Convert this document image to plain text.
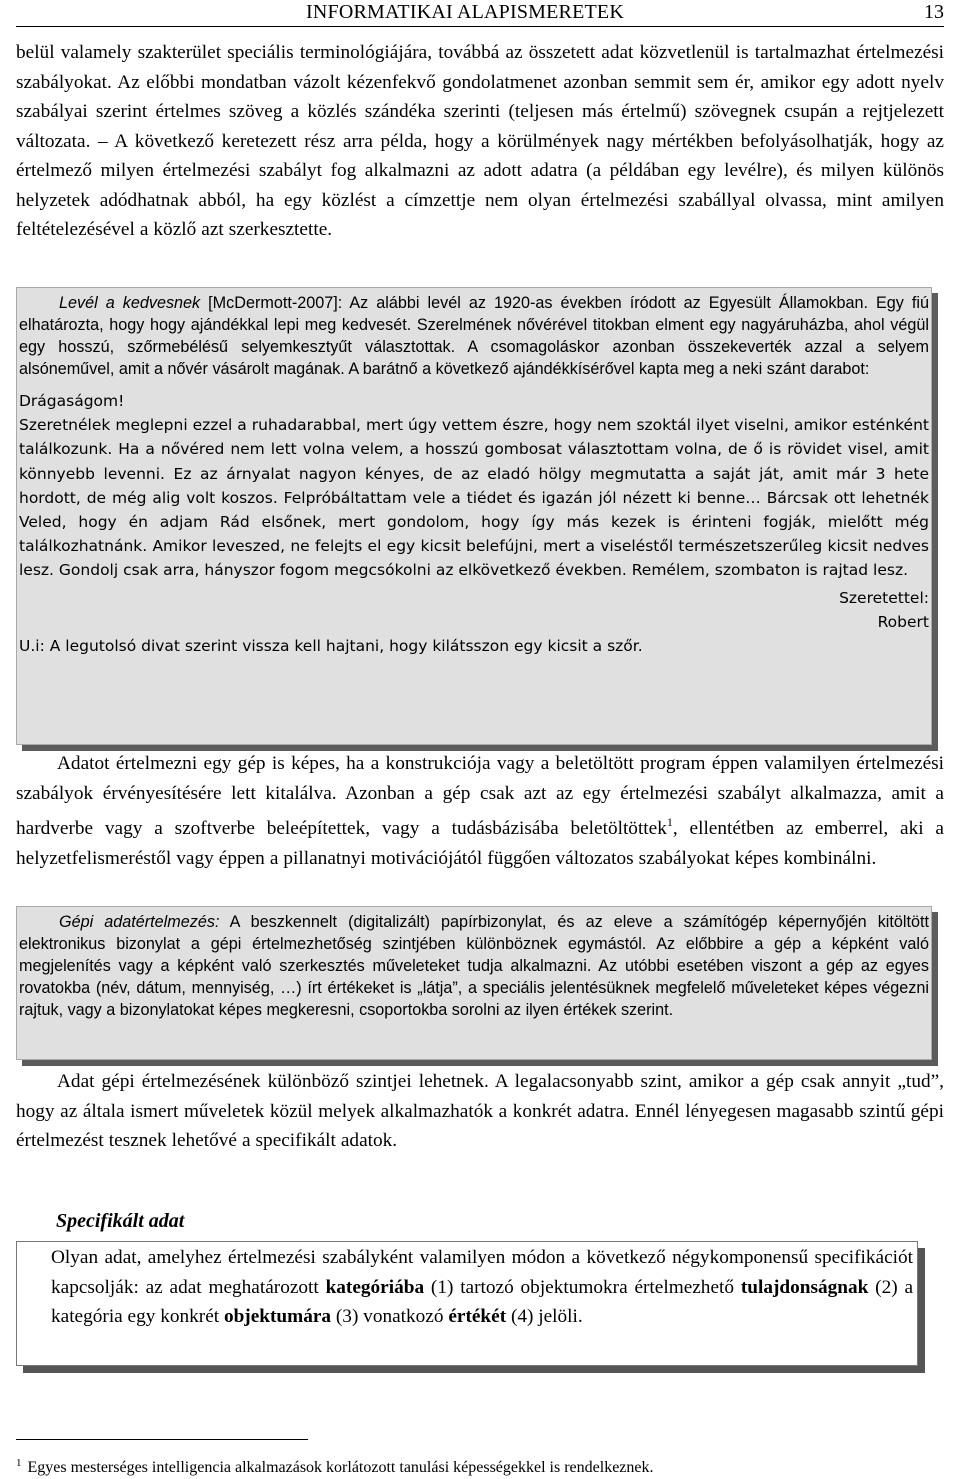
INFORMATIKAI ALAPISMERETEK	13
belül valamely szakterület speciális terminológiájára, továbbá az összetett adat közvetlenül is tartalmazhat értelmezési szabályokat. Az előbbi mondatban vázolt kézenfekvő gondolatmenet azonban semmit sem ér, amikor egy adott nyelv szabályai szerint értelmes szöveg a közlés szándéka szerinti (teljesen más értelmű) szövegnek csupán a rejtjelezett változata. – A következő keretezett rész arra példa, hogy a körülmények nagy mértékben befolyásolhatják, hogy az értelmező milyen értelmezési szabályt fog alkalmazni az adott adatra (a példában egy levélre), és milyen különös helyzetek adódhatnak abból, ha egy közlést a címzettje nem olyan értelmezési szabállyal olvassa, mint amilyen feltételezésével a közlő azt szerkesztette.

Levél a kedvesnek [McDermott-2007]: Az alábbi levél az 1920-as években íródott az Egyesült Államokban. Egy fiú elhatározta, hogy hogy ajándékkal lepi meg kedvesét. Szerelmének nővérével titokban elment egy nagyáruházba, ahol végül egy hosszú, szőrmebélésű selyemkesztyűt választottak. A csomagoláskor azonban összekeverték azzal a selyem alsóneművel, amit a nővér vásárolt magának. A barátnő a következő ajándékkísérővel kapta meg a neki szánt darabot:

Drágaságom!

Szeretnélek meglepni ezzel a ruhadarabbal, mert úgy vettem észre, hogy nem szoktál ilyet viselni, amikor esténként találkozunk. Ha a nővéred nem lett volna velem, a hosszú gombosat választottam volna, de ő is rövidet visel, amit könnyebb levenni. Ez az árnyalat nagyon kényes, de az eladó hölgy megmutatta a saját ját, amit már 3 hete hordott, de még alig volt koszos. Felpróbáltattam vele a tiédet és igazán jól nézett ki benne… Bárcsak ott lehetnék Veled, hogy én adjam Rád elsőnek, mert gondolom, hogy így más kezek is érinteni fogják, mielőtt még találkozhatnánk. Amikor leveszed, ne felejts el egy kicsit belefújni, mert a viseléstől természetszerűleg kicsit nedves lesz. Gondolj csak arra, hányszor fogom megcsókolni az elkövetkező években. Remélem, szombaton is rajtad lesz.

Szeretettel:

Robert

U.i: A legutolsó divat szerint vissza kell hajtani, hogy kilátsszon egy kicsit a szőr.

Adatot értelmezni egy gép is képes, ha a konstrukciója vagy a beletöltött program éppen valamilyen értelmezési szabályok érvényesítésére lett kitalálva. Azonban a gép csak azt az egy értelmezési szabályt alkalmazza, amit a hardverbe vagy a szoftverbe beleépítettek, vagy a tudásbázisába beletöltöttek$^1$, ellentétben az emberrel, aki a helyzetfelismeréstől vagy éppen a pillanatnyi motivációjától függően változatos szabályokat képes kombinálni.

Gépi adatértelmezés: A beszkennelt (digitalizált) papírbizonylat, és az eleve a számítógép képernyőjén kitöltött elektronikus bizonylat a gépi értelmezhetőség szintjében különböznek egymástól. Az előbbire a gép a képként való megjelenítés vagy a képként való szerkesztés műveleteket tudja alkalmazni. Az utóbbi esetében viszont a gép az egyes rovatokba (név, dátum, mennyiség, …) írt értékeket is „látja”, a speciális jelentésüknek megfelelő műveleteket képes végezni rajtuk, vagy a bizonylatokat képes megkeresni, csoportokba sorolni az ilyen értékek szerint.

Adat gépi értelmezésének különböző szintjei lehetnek. A legalacsonyabb szint, amikor a gép csak annyit „tud”, hogy az általa ismert műveletek közül melyek alkalmazhatók a konkrét adatra. Ennél lényegesen magasabb szintű gépi értelmezést tesznek lehetővé a specifikált adatok.
Specifikált adat
Olyan adat, amelyhez értelmezési szabályként valamilyen módon a következő négykomponensű specifikációt kapcsolják: az adat meghatározott kategóriába (1) tartozó objektumokra értelmezhető tulajdonságnak (2) a kategória egy konkrét objektumára (3) vonatkozó értékét (4) jelöli.
$^1$ Egyes mesterséges intelligencia alkalmazások korlátozott tanulási képességekkel is rendelkeznek.
